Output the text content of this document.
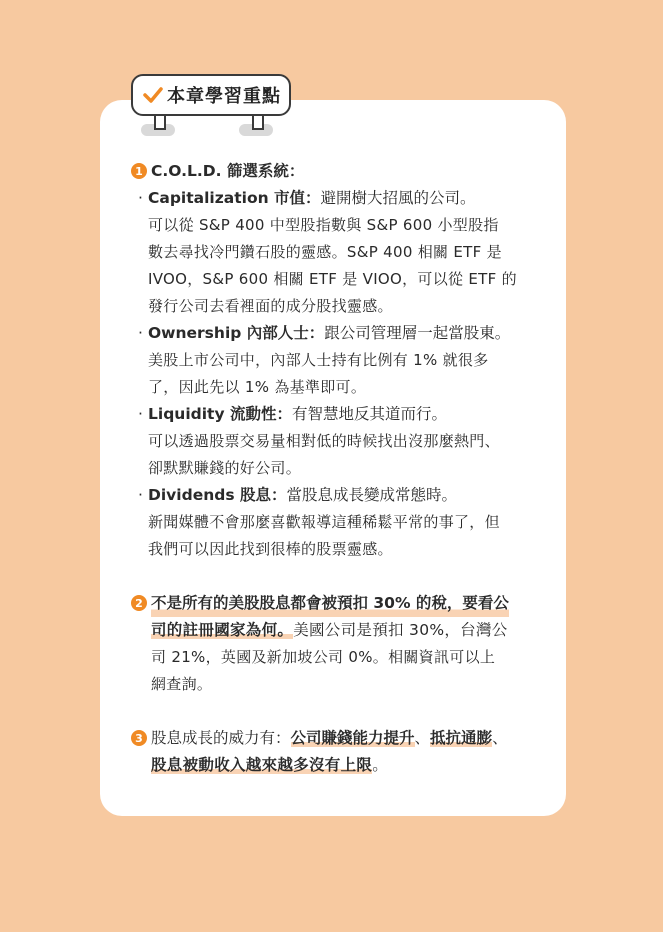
本章學習重點
1 C.O.L.D. 篩選系統：
· Capitalization 市值：避開樹大招風的公司。
可以從 S&P 400 中型股指數與 S&P 600 小型股指
數去尋找冷門鑽石股的靈感。S&P 400 相關 ETF 是
IVOO，S&P 600 相關 ETF 是 VIOO，可以從 ETF 的
發行公司去看裡面的成分股找靈感。
· Ownership 內部人士：跟公司管理層一起當股東。
美股上市公司中，內部人士持有比例有 1% 就很多
了，因此先以 1% 為基準即可。
· Liquidity 流動性：有智慧地反其道而行。
可以透過股票交易量相對低的時候找出沒那麼熱門、
卻默默賺錢的好公司。
· Dividends 股息：當股息成長變成常態時。
新聞媒體不會那麼喜歡報導這種稀鬆平常的事了，但
我們可以因此找到很棒的股票靈感。
2 不是所有的美股股息都會被預扣 30% 的稅，要看公
司的註冊國家為何。美國公司是預扣 30%，台灣公
司 21%，英國及新加坡公司 0%。相關資訊可以上
網查詢。
3 股息成長的威力有：公司賺錢能力提升、抵抗通膨、
股息被動收入越來越多沒有上限。
